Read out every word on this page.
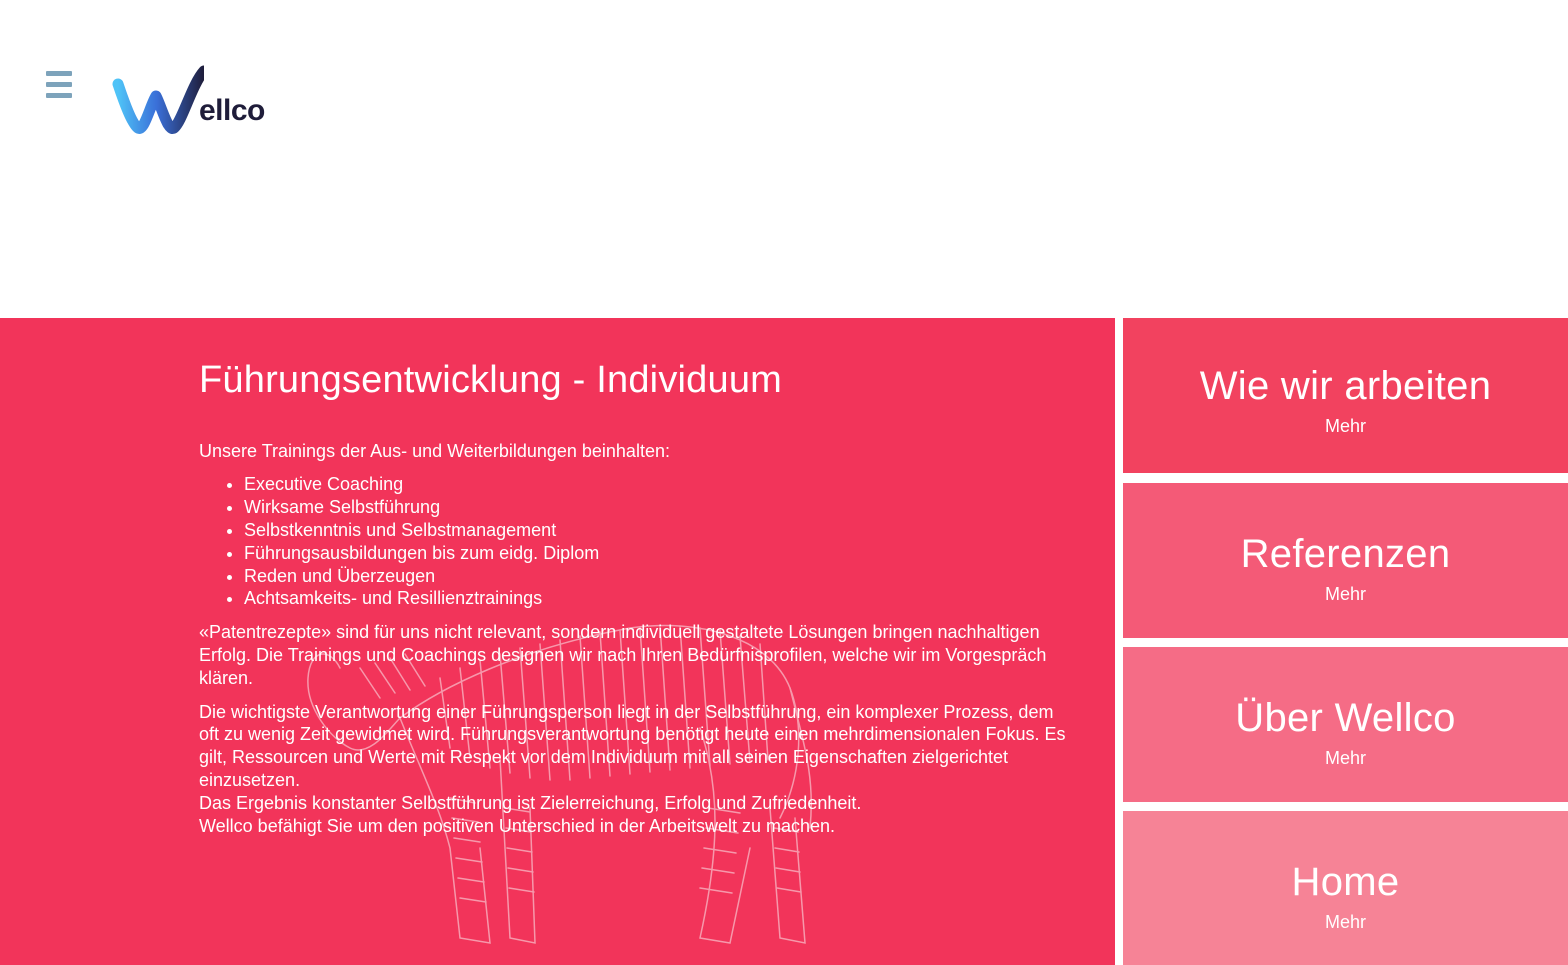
ellco
Führungsentwicklung - Individuum

Unsere Trainings der Aus- und Weiterbildungen beinhalten:

• Executive Coaching
• Wirksame Selbstführung
• Selbstkenntnis und Selbstmanagement
• Führungsausbildungen bis zum eidg. Diplom
• Reden und Überzeugen
• Achtsamkeits- und Resillienztrainings

«Patentrezepte» sind für uns nicht relevant, sondern individuell gestaltete Lösungen bringen nachhaltigen Erfolg. Die Trainings und Coachings designen wir nach Ihren Bedürfnisprofilen, welche wir im Vorgespräch klären.

Die wichtigste Verantwortung einer Führungsperson liegt in der Selbstführung, ein komplexer Prozess, dem oft zu wenig Zeit gewidmet wird. Führungsverantwortung benötigt heute einen mehrdimensionalen Fokus. Es gilt, Ressourcen und Werte mit Respekt vor dem Individuum mit all seinen Eigenschaften zielgerichtet einzusetzen.

Das Ergebnis konstanter Selbstführung ist Zielerreichung, Erfolg und Zufriedenheit.

Wellco befähigt Sie um den positiven Unterschied in der Arbeitswelt zu machen.

Wie wir arbeiten
Mehr
Referenzen
Mehr
Über Wellco
Mehr
Home
Mehr
